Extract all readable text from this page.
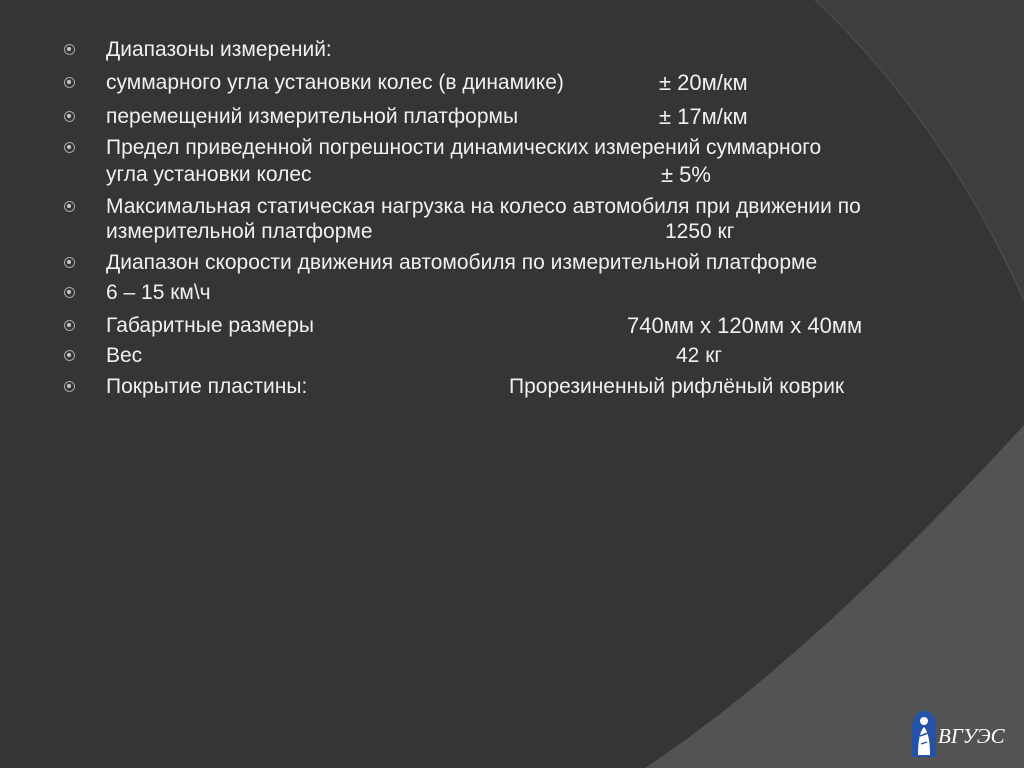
Диапазоны измерений:
суммарного угла установки колес (в динамике)	± 20м/км
перемещений измерительной платформы	± 17м/км
Предел приведенной погрешности динамических измерений суммарного
угла установки колес	± 5%
Максимальная статическая нагрузка на колесо автомобиля при движении по
измерительной платформе	1250 кг
Диапазон скорости движения автомобиля по измерительной платформе
6 – 15 км\ч
Габаритные размеры	740мм х 120мм х 40мм
Вес	42 кг
Покрытие пластины:	Прорезиненный рифлёный коврик
ВГУЭС
